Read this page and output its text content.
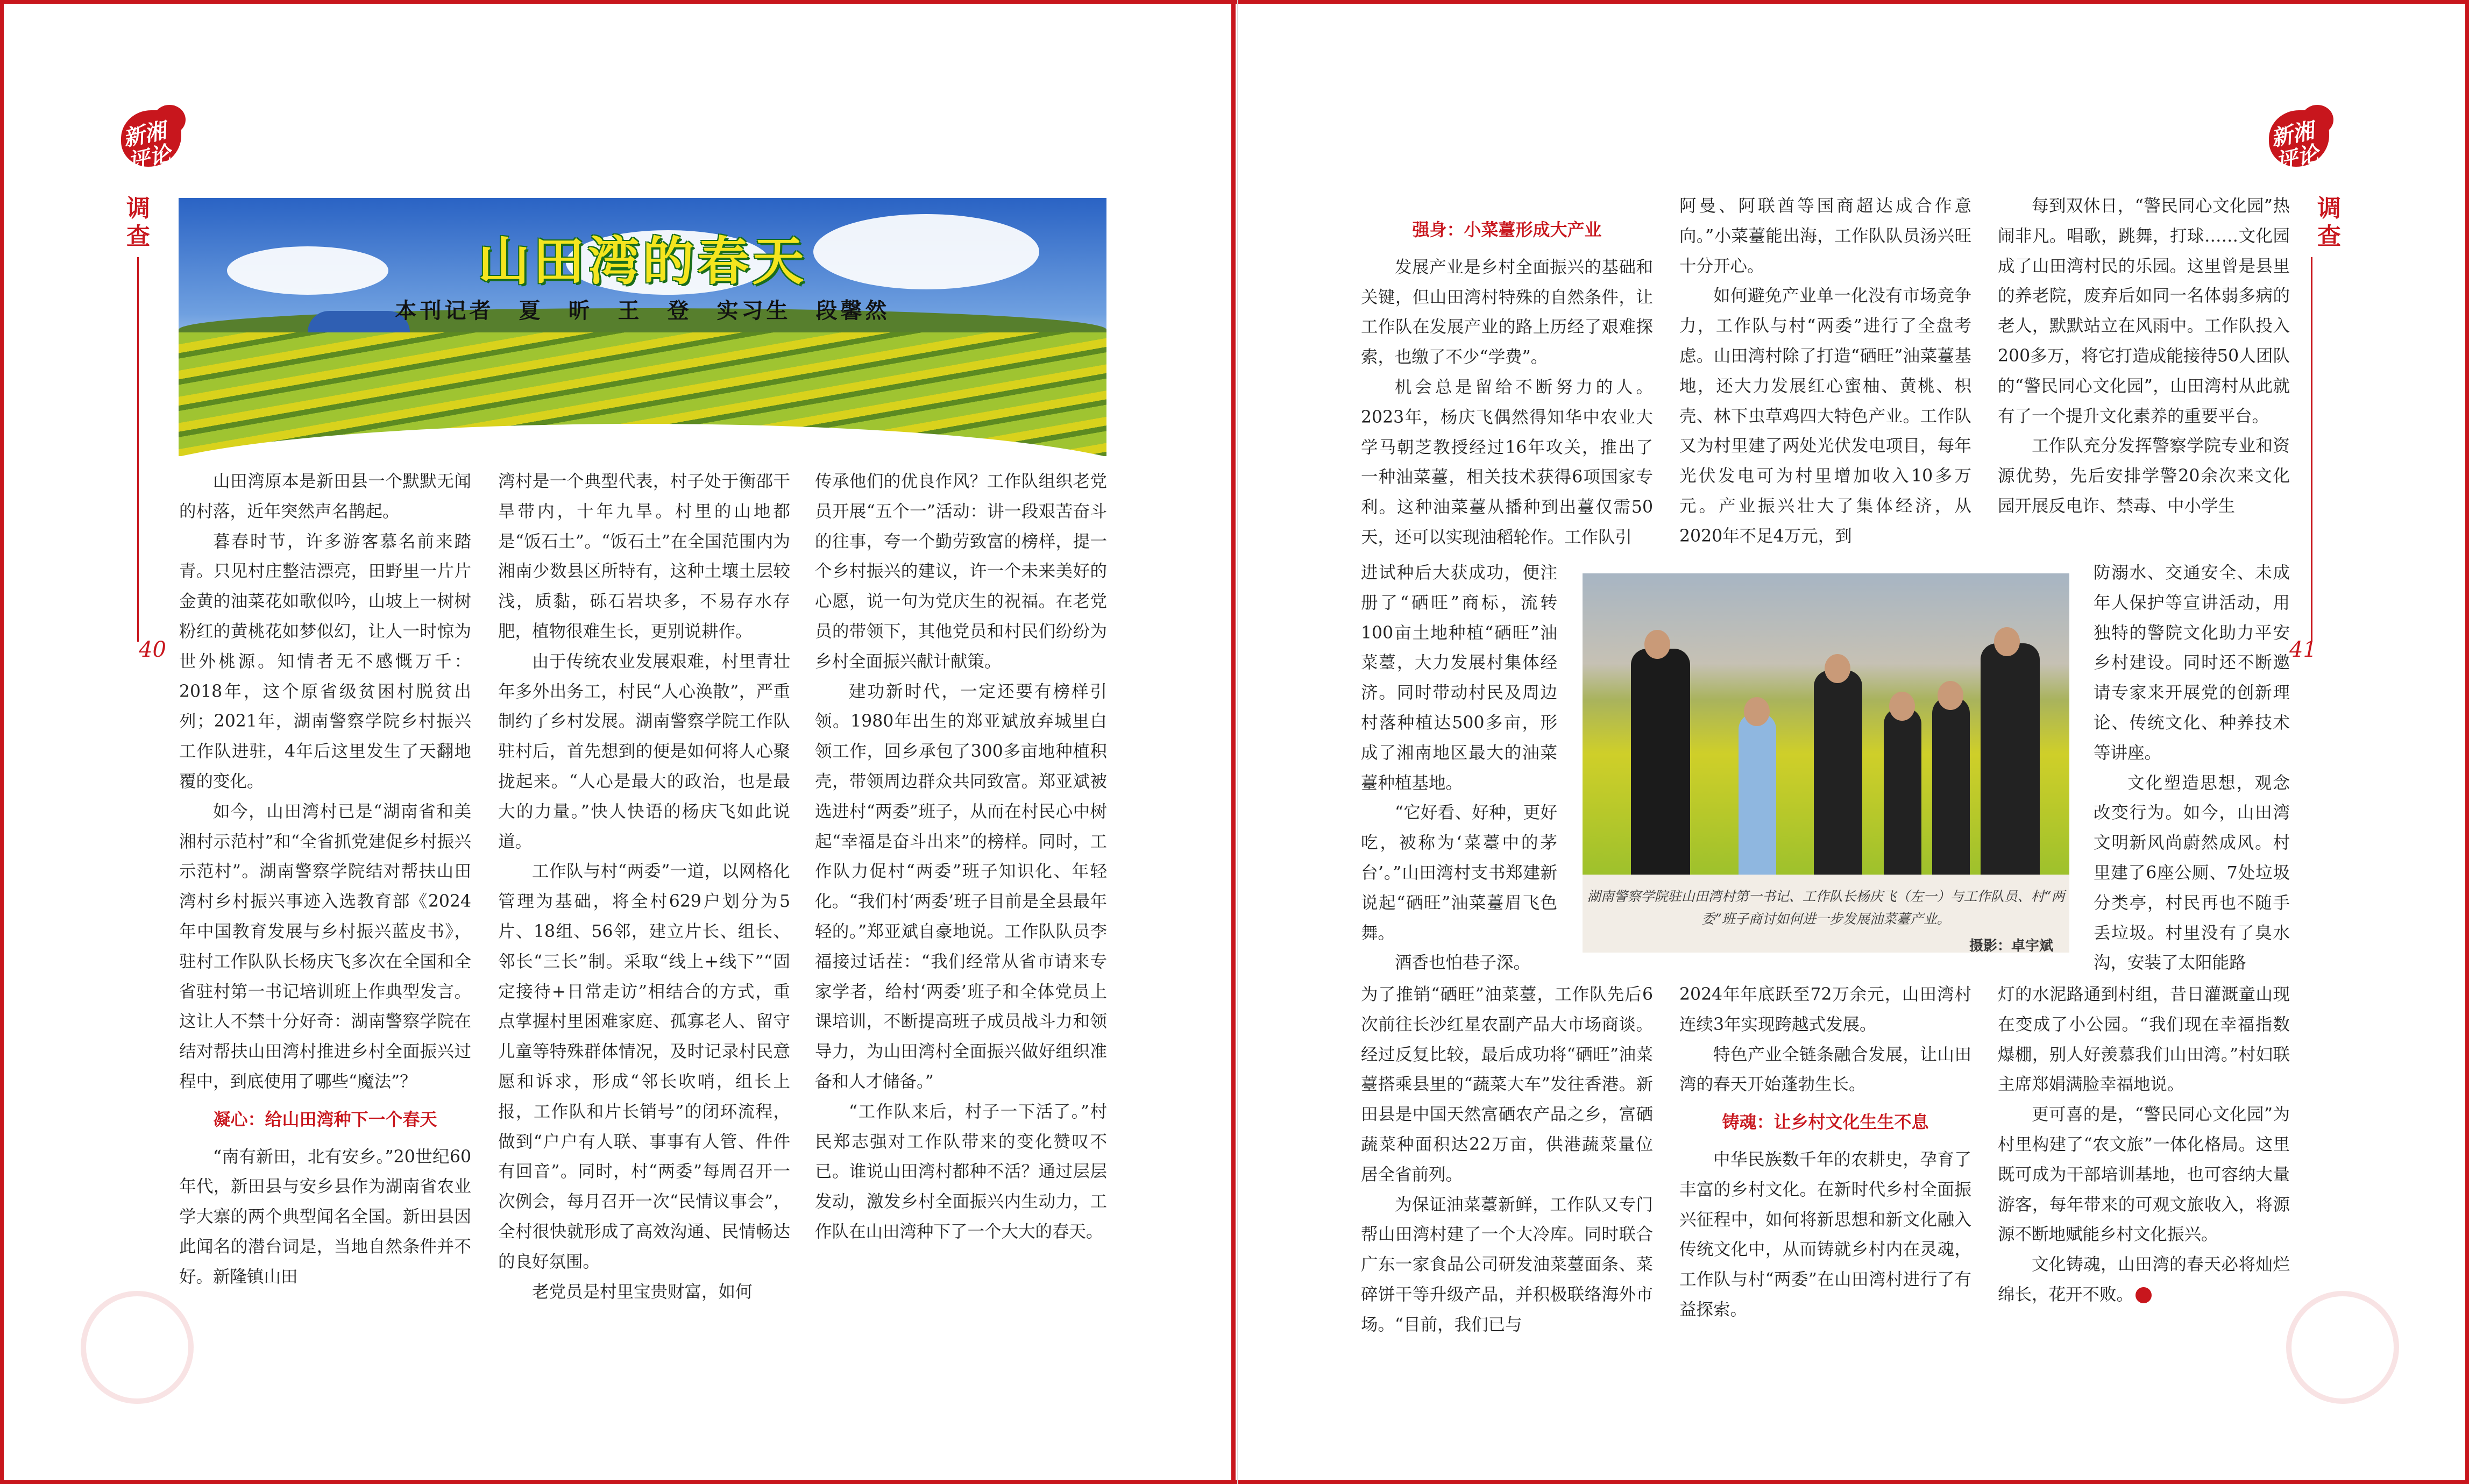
新湘评论
调查
40
新湘评论
调查
41
山田湾的春天
本刊记者　夏　昕　王　登　实习生　段馨然

山田湾原本是新田县一个默默无闻的村落，近年突然声名鹊起。

暮春时节，许多游客慕名前来踏青。只见村庄整洁漂亮，田野里一片片金黄的油菜花如歌似吟，山坡上一树树粉红的黄桃花如梦似幻，让人一时惊为世外桃源。知情者无不感慨万千：2018年，这个原省级贫困村脱贫出列；2021年，湖南警察学院乡村振兴工作队进驻，4年后这里发生了天翻地覆的变化。

如今，山田湾村已是“湖南省和美湘村示范村”和“全省抓党建促乡村振兴示范村”。湖南警察学院结对帮扶山田湾村乡村振兴事迹入选教育部《2024年中国教育发展与乡村振兴蓝皮书》，驻村工作队队长杨庆飞多次在全国和全省驻村第一书记培训班上作典型发言。这让人不禁十分好奇：湖南警察学院在结对帮扶山田湾村推进乡村全面振兴过程中，到底使用了哪些“魔法”？

凝心：给山田湾种下一个春天

“南有新田，北有安乡。”20世纪60年代，新田县与安乡县作为湖南省农业学大寨的两个典型闻名全国。新田县因此闻名的潜台词是，当地自然条件并不好。新隆镇山田

湾村是一个典型代表，村子处于衡邵干旱带内，十年九旱。村里的山地都是“饭石土”。“饭石土”在全国范围内为湘南少数县区所特有，这种土壤土层较浅，质黏，砾石岩块多，不易存水存肥，植物很难生长，更别说耕作。

由于传统农业发展艰难，村里青壮年多外出务工，村民“人心涣散”，严重制约了乡村发展。湖南警察学院工作队驻村后，首先想到的便是如何将人心聚拢起来。“人心是最大的政治，也是最大的力量。”快人快语的杨庆飞如此说道。

工作队与村“两委”一道，以网格化管理为基础，将全村629户划分为5片、18组、56邻，建立片长、组长、邻长“三长”制。采取“线上+线下”“固定接待+日常走访”相结合的方式，重点掌握村里困难家庭、孤寡老人、留守儿童等特殊群体情况，及时记录村民意愿和诉求，形成“邻长吹哨，组长上报，工作队和片长销号”的闭环流程，做到“户户有人联、事事有人管、件件有回音”。同时，村“两委”每周召开一次例会，每月召开一次“民情议事会”，全村很快就形成了高效沟通、民情畅达的良好氛围。

老党员是村里宝贵财富，如何

传承他们的优良作风？工作队组织老党员开展“五个一”活动：讲一段艰苦奋斗的往事，夸一个勤劳致富的榜样，提一个乡村振兴的建议，许一个未来美好的心愿，说一句为党庆生的祝福。在老党员的带领下，其他党员和村民们纷纷为乡村全面振兴献计献策。

建功新时代，一定还要有榜样引领。1980年出生的郑亚斌放弃城里白领工作，回乡承包了300多亩地种植积壳，带领周边群众共同致富。郑亚斌被选进村“两委”班子，从而在村民心中树起“幸福是奋斗出来”的榜样。同时，工作队力促村“两委”班子知识化、年轻化。“我们村‘两委’班子目前是全县最年轻的。”郑亚斌自豪地说。工作队队员李福接过话茬：“我们经常从省市请来专家学者，给村‘两委’班子和全体党员上课培训，不断提高班子成员战斗力和领导力，为山田湾村全面振兴做好组织准备和人才储备。”

“工作队来后，村子一下活了。”村民郑志强对工作队带来的变化赞叹不已。谁说山田湾村都种不活？通过层层发动，激发乡村全面振兴内生动力，工作队在山田湾种下了一个大大的春天。

强身：小菜薹形成大产业

发展产业是乡村全面振兴的基础和关键，但山田湾村特殊的自然条件，让工作队在发展产业的路上历经了艰难探索，也缴了不少“学费”。

机会总是留给不断努力的人。2023年，杨庆飞偶然得知华中农业大学马朝芝教授经过16年攻关，推出了一种油菜薹，相关技术获得6项国家专利。这种油菜薹从播种到出薹仅需50天，还可以实现油稻轮作。工作队引

进试种后大获成功，便注册了“硒旺”商标，流转100亩土地种植“硒旺”油菜薹，大力发展村集体经济。同时带动村民及周边村落种植达500多亩，形成了湘南地区最大的油菜薹种植基地。

“它好看、好种，更好吃，被称为‘菜薹中的茅台’。”山田湾村支书郑建新说起“硒旺”油菜薹眉飞色舞。

酒香也怕巷子深。

为了推销“硒旺”油菜薹，工作队先后6次前往长沙红星农副产品大市场商谈。经过反复比较，最后成功将“硒旺”油菜薹搭乘县里的“蔬菜大车”发往香港。新田县是中国天然富硒农产品之乡，富硒蔬菜种面积达22万亩，供港蔬菜量位居全省前列。

为保证油菜薹新鲜，工作队又专门帮山田湾村建了一个大冷库。同时联合广东一家食品公司研发油菜薹面条、菜碎饼干等升级产品，并积极联络海外市场。“目前，我们已与

阿曼、阿联酋等国商超达成合作意向。”小菜薹能出海，工作队队员汤兴旺十分开心。

如何避免产业单一化没有市场竞争力，工作队与村“两委”进行了全盘考虑。山田湾村除了打造“硒旺”油菜薹基地，还大力发展红心蜜柚、黄桃、枳壳、林下虫草鸡四大特色产业。工作队又为村里建了两处光伏发电项目，每年光伏发电可为村里增加收入10多万元。产业振兴壮大了集体经济，从2020年不足4万元，到

2024年年底跃至72万余元，山田湾村连续3年实现跨越式发展。

特色产业全链条融合发展，让山田湾的春天开始蓬勃生长。

铸魂：让乡村文化生生不息

中华民族数千年的农耕史，孕育了丰富的乡村文化。在新时代乡村全面振兴征程中，如何将新思想和新文化融入传统文化中，从而铸就乡村内在灵魂，工作队与村“两委”在山田湾村进行了有益探索。

每到双休日，“警民同心文化园”热闹非凡。唱歌，跳舞，打球……文化园成了山田湾村民的乐园。这里曾是县里的养老院，废弃后如同一名体弱多病的老人，默默站立在风雨中。工作队投入200多万，将它打造成能接待50人团队的“警民同心文化园”，山田湾村从此就有了一个提升文化素养的重要平台。

工作队充分发挥警察学院专业和资源优势，先后安排学警20余次来文化园开展反电诈、禁毒、中小学生

防溺水、交通安全、未成年人保护等宣讲活动，用独特的警院文化助力平安乡村建设。同时还不断邀请专家来开展党的创新理论、传统文化、种养技术等讲座。

文化塑造思想，观念改变行为。如今，山田湾文明新风尚蔚然成风。村里建了6座公厕、7处垃圾分类亭，村民再也不随手丢垃圾。村里没有了臭水沟，安装了太阳能路

灯的水泥路通到村组，昔日灌溉童山现在变成了小公园。“我们现在幸福指数爆棚，别人好羡慕我们山田湾。”村妇联主席郑娟满脸幸福地说。

更可喜的是，“警民同心文化园”为村里构建了“农文旅”一体化格局。这里既可成为干部培训基地，也可容纳大量游客，每年带来的可观文旅收入，将源源不断地赋能乡村文化振兴。

文化铸魂，山田湾的春天必将灿烂绵长，花开不败。

湖南警察学院驻山田湾村第一书记、工作队长杨庆飞（左一）与工作队员、村“两委”班子商讨如何进一步发展油菜薹产业。
摄影：卓宇斌
